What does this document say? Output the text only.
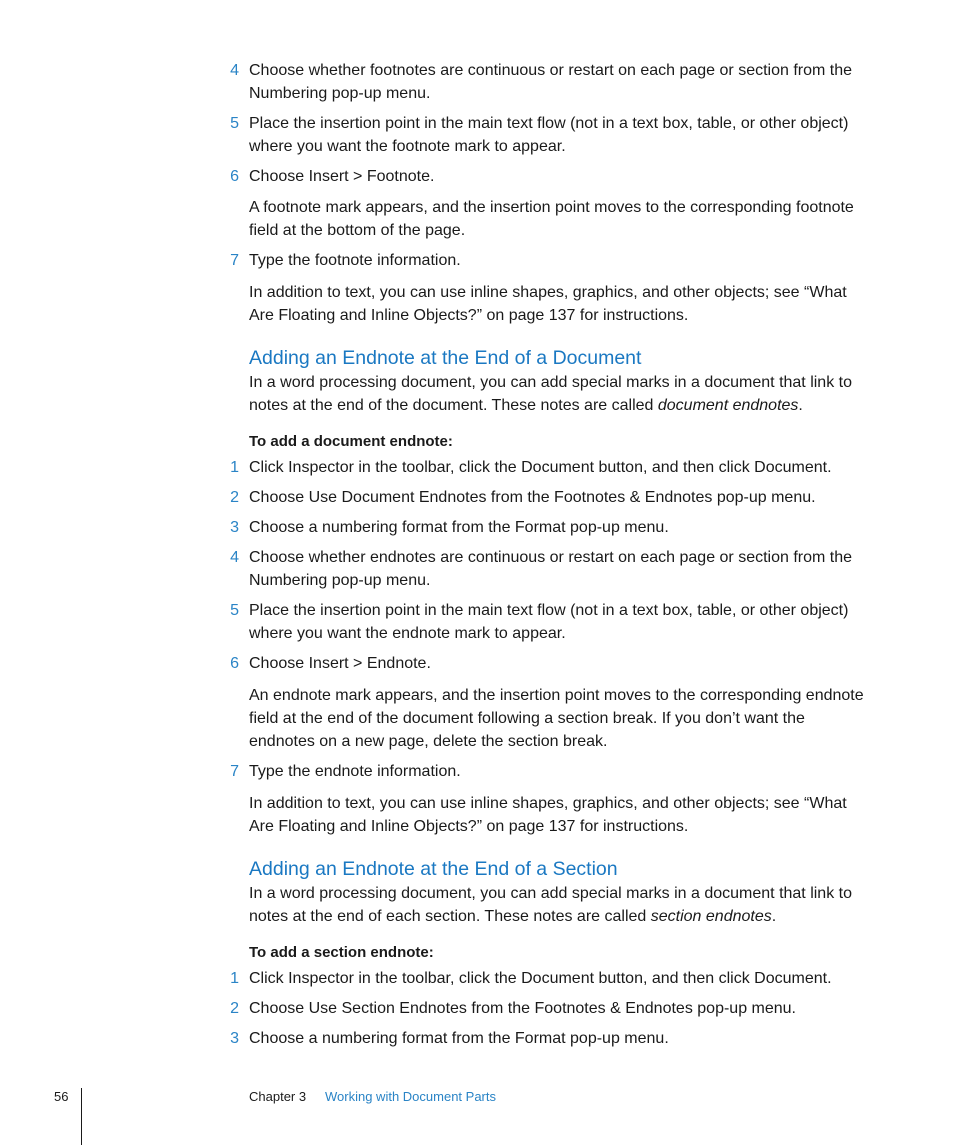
4 Choose whether footnotes are continuous or restart on each page or section from the Numbering pop-up menu.
5 Place the insertion point in the main text flow (not in a text box, table, or other object) where you want the footnote mark to appear.
6 Choose Insert > Footnote.
A footnote mark appears, and the insertion point moves to the corresponding footnote field at the bottom of the page.
7 Type the footnote information.
In addition to text, you can use inline shapes, graphics, and other objects; see “What Are Floating and Inline Objects?” on page 137 for instructions.
Adding an Endnote at the End of a Document
In a word processing document, you can add special marks in a document that link to notes at the end of the document. These notes are called document endnotes.
To add a document endnote:
1 Click Inspector in the toolbar, click the Document button, and then click Document.
2 Choose Use Document Endnotes from the Footnotes & Endnotes pop-up menu.
3 Choose a numbering format from the Format pop-up menu.
4 Choose whether endnotes are continuous or restart on each page or section from the Numbering pop-up menu.
5 Place the insertion point in the main text flow (not in a text box, table, or other object) where you want the endnote mark to appear.
6 Choose Insert > Endnote.
An endnote mark appears, and the insertion point moves to the corresponding endnote field at the end of the document following a section break. If you don’t want the endnotes on a new page, delete the section break.
7 Type the endnote information.
In addition to text, you can use inline shapes, graphics, and other objects; see “What Are Floating and Inline Objects?” on page 137 for instructions.
Adding an Endnote at the End of a Section
In a word processing document, you can add special marks in a document that link to notes at the end of each section. These notes are called section endnotes.
To add a section endnote:
1 Click Inspector in the toolbar, click the Document button, and then click Document.
2 Choose Use Section Endnotes from the Footnotes & Endnotes pop-up menu.
3 Choose a numbering format from the Format pop-up menu.
56	Chapter 3 Working with Document Parts
